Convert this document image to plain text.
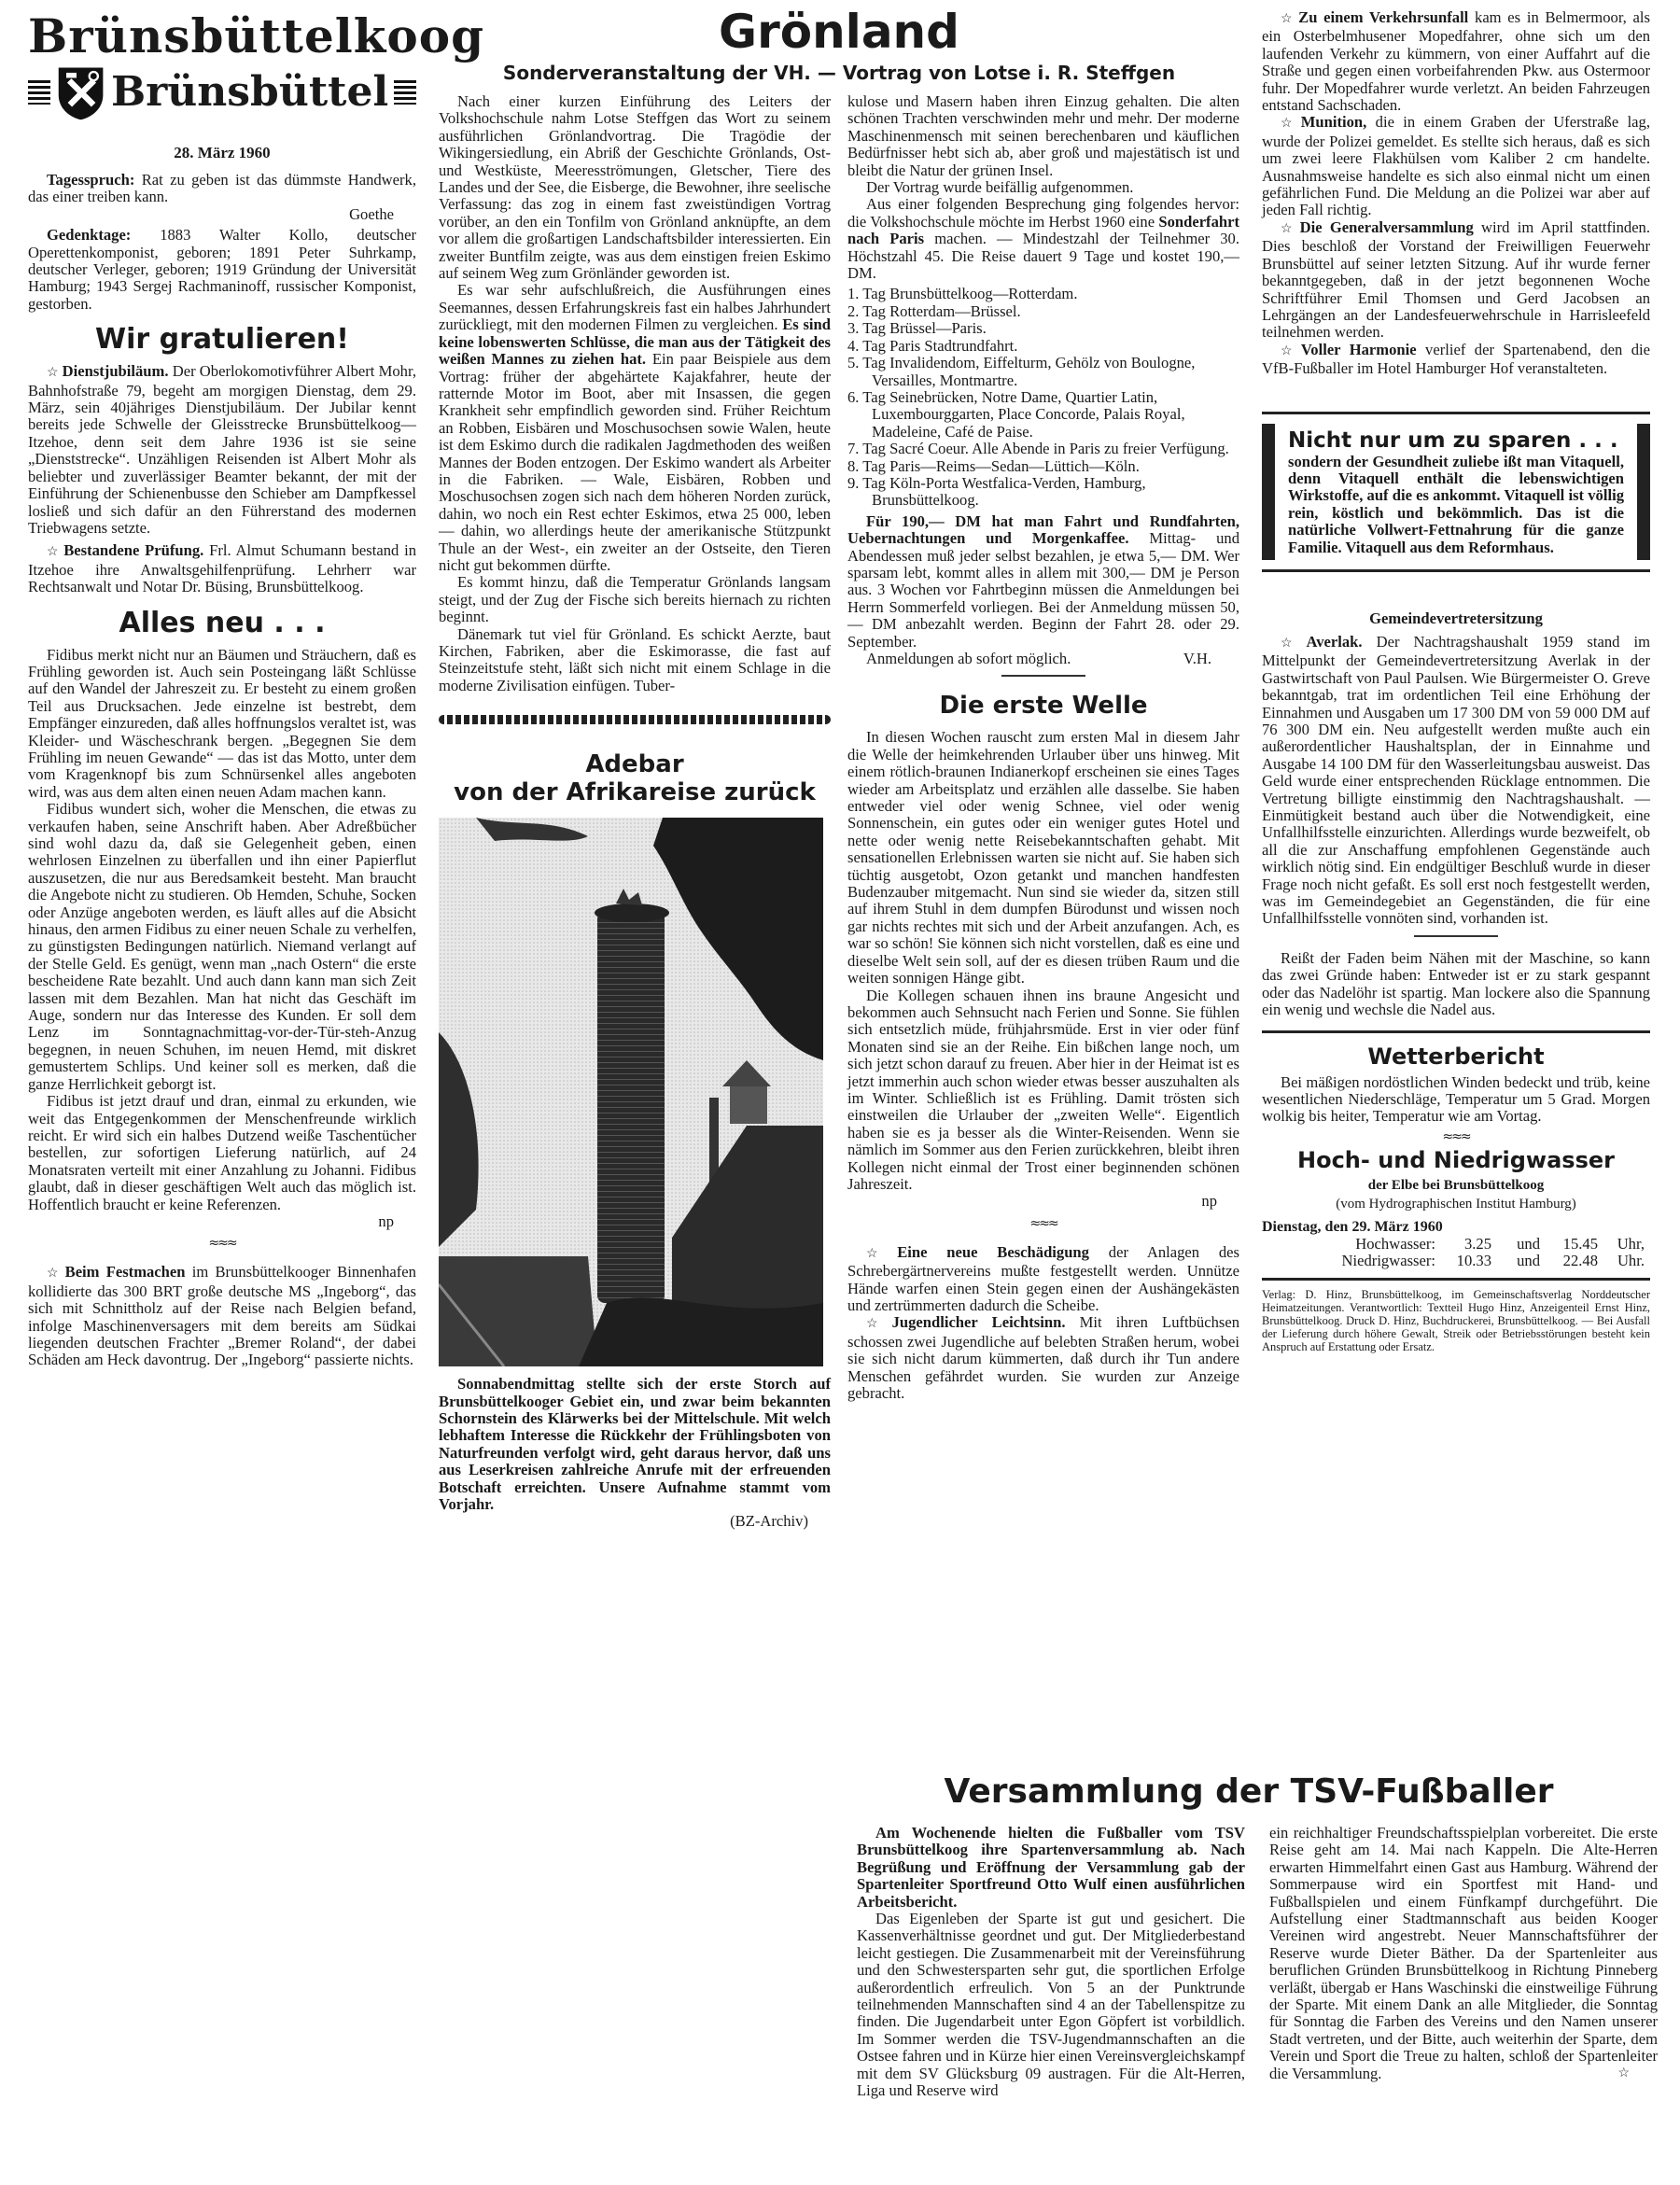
Brünsbüttelkoog
Brünsbüttel
28. März 1960

Tagesspruch: Rat zu geben ist das dümmste Handwerk, das einer treiben kann.

Goethe

Gedenktage: 1883 Walter Kollo, deutscher Operettenkomponist, geboren; 1891 Peter Suhrkamp, deutscher Verleger, geboren; 1919 Gründung der Universität Hamburg; 1943 Sergej Rachmaninoff, russischer Komponist, gestorben.

Wir gratulieren!

☆ Dienstjubiläum. Der Oberlokomotivführer Albert Mohr, Bahnhofstraße 79, begeht am morgigen Dienstag, dem 29. März, sein 40jähriges Dienstjubiläum. Der Jubilar kennt bereits jede Schwelle der Gleisstrecke Brunsbüttelkoog—Itzehoe, denn seit dem Jahre 1936 ist sie seine „Dienststrecke“. Unzähligen Reisenden ist Albert Mohr als beliebter und zuverlässiger Beamter bekannt, der mit der Einführung der Schienenbusse den Schieber am Dampfkessel losließ und sich dafür an den Führerstand des modernen Triebwagens setzte.

☆ Bestandene Prüfung. Frl. Almut Schumann bestand in Itzehoe ihre Anwaltsgehilfenprüfung. Lehrherr war Rechtsanwalt und Notar Dr. Büsing, Brunsbüttelkoog.

Alles neu . . .

Fidibus merkt nicht nur an Bäumen und Sträuchern, daß es Frühling geworden ist. Auch sein Posteingang läßt Schlüsse auf den Wandel der Jahreszeit zu. Er besteht zu einem großen Teil aus Drucksachen. Jede einzelne ist bestrebt, dem Empfänger einzureden, daß alles hoffnungslos veraltet ist, was Kleider- und Wäscheschrank bergen. „Begegnen Sie dem Frühling im neuen Gewande“ — das ist das Motto, unter dem vom Kragenknopf bis zum Schnürsenkel alles angeboten wird, was aus dem alten einen neuen Adam machen kann.

Fidibus wundert sich, woher die Menschen, die etwas zu verkaufen haben, seine Anschrift haben. Aber Adreßbücher sind wohl dazu da, daß sie Gelegenheit geben, einen wehrlosen Einzelnen zu überfallen und ihn einer Papierflut auszusetzen, die nur aus Beredsamkeit besteht. Man braucht die Angebote nicht zu studieren. Ob Hemden, Schuhe, Socken oder Anzüge angeboten werden, es läuft alles auf die Absicht hinaus, den armen Fidibus zu einer neuen Schale zu verhelfen, zu günstigsten Bedingungen natürlich. Niemand verlangt auf der Stelle Geld. Es genügt, wenn man „nach Ostern“ die erste bescheidene Rate bezahlt. Und auch dann kann man sich Zeit lassen mit dem Bezahlen. Man hat nicht das Geschäft im Auge, sondern nur das Interesse des Kunden. Er soll dem Lenz im Sonntagnachmittag-vor-der-Tür-steh-Anzug begegnen, in neuen Schuhen, im neuen Hemd, mit diskret gemustertem Schlips. Und keiner soll es merken, daß die ganze Herrlichkeit geborgt ist.

Fidibus ist jetzt drauf und dran, einmal zu erkunden, wie weit das Entgegenkommen der Menschenfreunde wirklich reicht. Er wird sich ein halbes Dutzend weiße Taschentücher bestellen, zur sofortigen Lieferung natürlich, auf 24 Monatsraten verteilt mit einer Anzahlung zu Johanni. Fidibus glaubt, daß in dieser geschäftigen Welt auch das möglich ist. Hoffentlich braucht er keine Referenzen.

np
≈≈≈

☆ Beim Festmachen im Brunsbüttelkooger Binnenhafen kollidierte das 300 BRT große deutsche MS „Ingeborg“, das sich mit Schnittholz auf der Reise nach Belgien befand, infolge Maschinenversagers mit dem bereits am Südkai liegenden deutschen Frachter „Bremer Roland“, der dabei Schäden am Heck davontrug. Der „Ingeborg“ passierte nichts.

Grönland
Sonderveranstaltung der VH. — Vortrag von Lotse i. R. Steffgen

Nach einer kurzen Einführung des Leiters der Volkshochschule nahm Lotse Steffgen das Wort zu seinem ausführlichen Grönlandvortrag. Die Tragödie der Wikingersiedlung, ein Abriß der Geschichte Grönlands, Ost- und Westküste, Meeresströmungen, Gletscher, Tiere des Landes und der See, die Eisberge, die Bewohner, ihre seelische Verfassung: das zog in einem fast zweistündigen Vortrag vorüber, an den ein Tonfilm von Grönland anknüpfte, an dem vor allem die großartigen Landschaftsbilder interessierten. Ein zweiter Buntfilm zeigte, was aus dem einstigen freien Eskimo auf seinem Weg zum Grönländer geworden ist.

Es war sehr aufschlußreich, die Ausführungen eines Seemannes, dessen Erfahrungskreis fast ein halbes Jahrhundert zurückliegt, mit den modernen Filmen zu vergleichen. Es sind keine lobenswerten Schlüsse, die man aus der Tätigkeit des weißen Mannes zu ziehen hat. Ein paar Beispiele aus dem Vortrag: früher der abgehärtete Kajakfahrer, heute der ratternde Motor im Boot, aber mit Insassen, die gegen Krankheit sehr empfindlich geworden sind. Früher Reichtum an Robben, Eisbären und Moschusochsen sowie Walen, heute ist dem Eskimo durch die radikalen Jagdmethoden des weißen Mannes der Boden entzogen. Der Eskimo wandert als Arbeiter in die Fabriken. — Wale, Eisbären, Robben und Moschusochsen zogen sich nach dem höheren Norden zurück, dahin, wo noch ein Rest echter Eskimos, etwa 25 000, leben — dahin, wo allerdings heute der amerikanische Stützpunkt Thule an der West-, ein zweiter an der Ostseite, den Tieren nicht gut bekommen dürfte.

Es kommt hinzu, daß die Temperatur Grönlands langsam steigt, und der Zug der Fische sich bereits hiernach zu richten beginnt.

Dänemark tut viel für Grönland. Es schickt Aerzte, baut Kirchen, Fabriken, aber die Eskimorasse, die fast auf Steinzeitstufe steht, läßt sich nicht mit einem Schlage in die moderne Zivilisation einfügen. Tuber-

Adebar
von der Afrikareise zurück

Sonnabendmittag stellte sich der erste Storch auf Brunsbüttelkooger Gebiet ein, und zwar beim bekannten Schornstein des Klärwerks bei der Mittelschule. Mit welch lebhaftem Interesse die Rückkehr der Frühlingsboten von Naturfreunden verfolgt wird, geht daraus hervor, daß uns aus Leserkreisen zahlreiche Anrufe mit der erfreuenden Botschaft erreichten. Unsere Aufnahme stammt vom Vorjahr.

(BZ-Archiv)

kulose und Masern haben ihren Einzug gehalten. Die alten schönen Trachten verschwinden mehr und mehr. Der moderne Maschinenmensch mit seinen berechenbaren und käuflichen Bedürfnisser hebt sich ab, aber groß und majestätisch ist und bleibt die Natur der grünen Insel.

Der Vortrag wurde beifällig aufgenommen.

Aus einer folgenden Besprechung ging folgendes hervor: die Volkshochschule möchte im Herbst 1960 eine Sonderfahrt nach Paris machen. — Mindestzahl der Teilnehmer 30. Höchstzahl 45. Die Reise dauert 9 Tage und kostet 190,— DM.

1. Tag Brunsbüttelkoog—Rotterdam.
2. Tag Rotterdam—Brüssel.
3. Tag Brüssel—Paris.
4. Tag Paris Stadtrundfahrt.
5. Tag Invalidendom, Eiffelturm, Gehölz von Boulogne, Versailles, Montmartre.
6. Tag Seinebrücken, Notre Dame, Quartier Latin, Luxembourggarten, Place Concorde, Palais Royal, Madeleine, Café de Paise.
7. Tag Sacré Coeur. Alle Abende in Paris zu freier Verfügung.
8. Tag Paris—Reims—Sedan—Lüttich—Köln.
9. Tag Köln-Porta Westfalica-Verden, Hamburg, Brunsbüttelkoog.

Für 190,— DM hat man Fahrt und Rundfahrten, Uebernachtungen und Morgenkaffee. Mittag- und Abendessen muß jeder selbst bezahlen, je etwa 5,— DM. Wer sparsam lebt, kommt alles in allem mit 300,— DM je Person aus. 3 Wochen vor Fahrtbeginn müssen die Anmeldungen bei Herrn Sommerfeld vorliegen. Bei der Anmeldung müssen 50,— DM anbezahlt werden. Beginn der Fahrt 28. oder 29. September.

Anmeldungen ab sofort möglich.	V.H.

Die erste Welle

In diesen Wochen rauscht zum ersten Mal in diesem Jahr die Welle der heimkehrenden Urlauber über uns hinweg. Mit einem rötlich-braunen Indianerkopf erscheinen sie eines Tages wieder am Arbeitsplatz und erzählen alle dasselbe. Sie haben entweder viel oder wenig Schnee, viel oder wenig Sonnenschein, ein gutes oder ein weniger gutes Hotel und nette oder wenig nette Reisebekanntschaften gehabt. Mit sensationellen Erlebnissen warten sie nicht auf. Sie haben sich tüchtig ausgetobt, Ozon getankt und manchen handfesten Budenzauber mitgemacht. Nun sind sie wieder da, sitzen still auf ihrem Stuhl in dem dumpfen Bürodunst und wissen noch gar nichts rechtes mit sich und der Arbeit anzufangen. Ach, es war so schön! Sie können sich nicht vorstellen, daß es eine und dieselbe Welt sein soll, auf der es diesen trüben Raum und die weiten sonnigen Hänge gibt.

Die Kollegen schauen ihnen ins braune Angesicht und bekommen auch Sehnsucht nach Ferien und Sonne. Sie fühlen sich entsetzlich müde, frühjahrsmüde. Erst in vier oder fünf Monaten sind sie an der Reihe. Ein bißchen lange noch, um sich jetzt schon darauf zu freuen. Aber hier in der Heimat ist es jetzt immerhin auch schon wieder etwas besser auszuhalten als im Winter. Schließlich ist es Frühling. Damit trösten sich einstweilen die Urlauber der „zweiten Welle“. Eigentlich haben sie es ja besser als die Winter-Reisenden. Wenn sie nämlich im Sommer aus den Ferien zurückkehren, bleibt ihren Kollegen nicht einmal der Trost einer beginnenden schönen Jahreszeit.

np
≈≈≈

☆ Eine neue Beschädigung der Anlagen des Schrebergärtnervereins mußte festgestellt werden. Unnütze Hände warfen einen Stein gegen einen der Aushängekästen und zertrümmerten dadurch die Scheibe.

☆ Jugendlicher Leichtsinn. Mit ihren Luftbüchsen schossen zwei Jugendliche auf belebten Straßen herum, wobei sie sich nicht darum kümmerten, daß durch ihr Tun andere Menschen gefährdet wurden. Sie wurden zur Anzeige gebracht.

☆ Zu einem Verkehrsunfall kam es in Belmermoor, als ein Osterbelmhusener Mopedfahrer, ohne sich um den laufenden Verkehr zu kümmern, von einer Auffahrt auf die Straße und gegen einen vorbeifahrenden Pkw. aus Ostermoor fuhr. Der Mopedfahrer wurde verletzt. An beiden Fahrzeugen entstand Sachschaden.

☆ Munition, die in einem Graben der Uferstraße lag, wurde der Polizei gemeldet. Es stellte sich heraus, daß es sich um zwei leere Flakhülsen vom Kaliber 2 cm handelte. Ausnahmsweise handelte es sich also einmal nicht um einen gefährlichen Fund. Die Meldung an die Polizei war aber auf jeden Fall richtig.

☆ Die Generalversammlung wird im April stattfinden. Dies beschloß der Vorstand der Freiwilligen Feuerwehr Brunsbüttel auf seiner letzten Sitzung. Auf ihr wurde ferner bekanntgegeben, daß in der jetzt begonnenen Woche Schriftführer Emil Thomsen und Gerd Jacobsen an Lehrgängen an der Landesfeuerwehrschule in Harrisleefeld teilnehmen werden.

☆ Voller Harmonie verlief der Spartenabend, den die VfB-Fußballer im Hotel Hamburger Hof veranstalteten.

Nicht nur um zu sparen . . .
sondern der Gesundheit zuliebe ißt man Vitaquell, denn Vitaquell enthält die lebenswichtigen Wirkstoffe, auf die es ankommt. Vitaquell ist völlig rein, köstlich und bekömmlich. Das ist die natürliche Vollwert-Fettnahrung für die ganze Familie. Vitaquell aus dem Reformhaus.
Gemeindevertretersitzung

☆ Averlak. Der Nachtragshaushalt 1959 stand im Mittelpunkt der Gemeindevertretersitzung Averlak in der Gastwirtschaft von Paul Paulsen. Wie Bürgermeister O. Greve bekanntgab, trat im ordentlichen Teil eine Erhöhung der Einnahmen und Ausgaben um 17 300 DM von 59 000 DM auf 76 300 DM ein. Neu aufgestellt werden mußte auch ein außerordentlicher Haushaltsplan, der in Einnahme und Ausgabe 14 100 DM für den Wasserleitungsbau ausweist. Das Geld wurde einer entsprechenden Rücklage entnommen. Die Vertretung billigte einstimmig den Nachtragshaushalt. — Einmütigkeit bestand auch über die Notwendigkeit, eine Unfallhilfsstelle einzurichten. Allerdings wurde bezweifelt, ob all die zur Anschaffung empfohlenen Gegenstände auch wirklich nötig sind. Ein endgültiger Beschluß wurde in dieser Frage noch nicht gefaßt. Es soll erst noch festgestellt werden, was im Gemeindegebiet an Gegenständen, die für eine Unfallhilfsstelle vonnöten sind, vorhanden ist.

Reißt der Faden beim Nähen mit der Maschine, so kann das zwei Gründe haben: Entweder ist er zu stark gespannt oder das Nadelöhr ist spartig. Man lockere also die Spannung ein wenig und wechsle die Nadel aus.

Wetterbericht

Bei mäßigen nordöstlichen Winden bedeckt und trüb, keine wesentlichen Niederschläge, Temperatur um 5 Grad. Morgen wolkig bis heiter, Temperatur wie am Vortag.

≈≈≈
Hoch- und Niedrigwasser
der Elbe bei Brunsbüttelkoog
(vom Hydrographischen Institut Hamburg)
Dienstag, den 29. März 1960
Hochwasser:	3.25	und	15.45	Uhr,
Niedrigwasser:	10.33	und	22.48	Uhr.
Verlag: D. Hinz, Brunsbüttelkoog, im Gemeinschaftsverlag Norddeutscher Heimatzeitungen. Verantwortlich: Textteil Hugo Hinz, Anzeigenteil Ernst Hinz, Brunsbüttelkoog. Druck D. Hinz, Buchdruckerei, Brunsbüttelkoog. — Bei Ausfall der Lieferung durch höhere Gewalt, Streik oder Betriebsstörungen besteht kein Anspruch auf Erstattung oder Ersatz.
Versammlung der TSV-Fußballer

Am Wochenende hielten die Fußballer vom TSV Brunsbüttelkoog ihre Spartenversammlung ab. Nach Begrüßung und Eröffnung der Versammlung gab der Spartenleiter Sportfreund Otto Wulf einen ausführlichen Arbeitsbericht.

Das Eigenleben der Sparte ist gut und gesichert. Die Kassenverhältnisse geordnet und gut. Der Mitgliederbestand leicht gestiegen. Die Zusammenarbeit mit der Vereinsführung und den Schwestersparten sehr gut, die sportlichen Erfolge außerordentlich erfreulich. Von 5 an der Punktrunde teilnehmenden Mannschaften sind 4 an der Tabellenspitze zu finden. Die Jugendarbeit unter Egon Göpfert ist vorbildlich. Im Sommer werden die TSV-Jugendmannschaften an die Ostsee fahren und in Kürze hier einen Vereinsvergleichskampf mit dem SV Glücksburg 09 austragen. Für die Alt-Herren, Liga und Reserve wird

ein reichhaltiger Freundschaftsspielplan vorbereitet. Die erste Reise geht am 14. Mai nach Kappeln. Die Alte-Herren erwarten Himmelfahrt einen Gast aus Hamburg. Während der Sommerpause wird ein Sportfest mit Hand- und Fußballspielen und einem Fünfkampf durchgeführt. Die Aufstellung einer Stadtmannschaft aus beiden Kooger Vereinen wird angestrebt. Neuer Mannschaftsführer der Reserve wurde Dieter Bäther. Da der Spartenleiter aus beruflichen Gründen Brunsbüttelkoog in Richtung Pinneberg verläßt, übergab er Hans Waschinski die einstweilige Führung der Sparte. Mit einem Dank an alle Mitglieder, die Sonntag für Sonntag die Farben des Vereins und den Namen unserer Stadt vertreten, und der Bitte, auch weiterhin der Sparte, dem Verein und Sport die Treue zu halten, schloß der Spartenleiter die Versammlung.	☆
